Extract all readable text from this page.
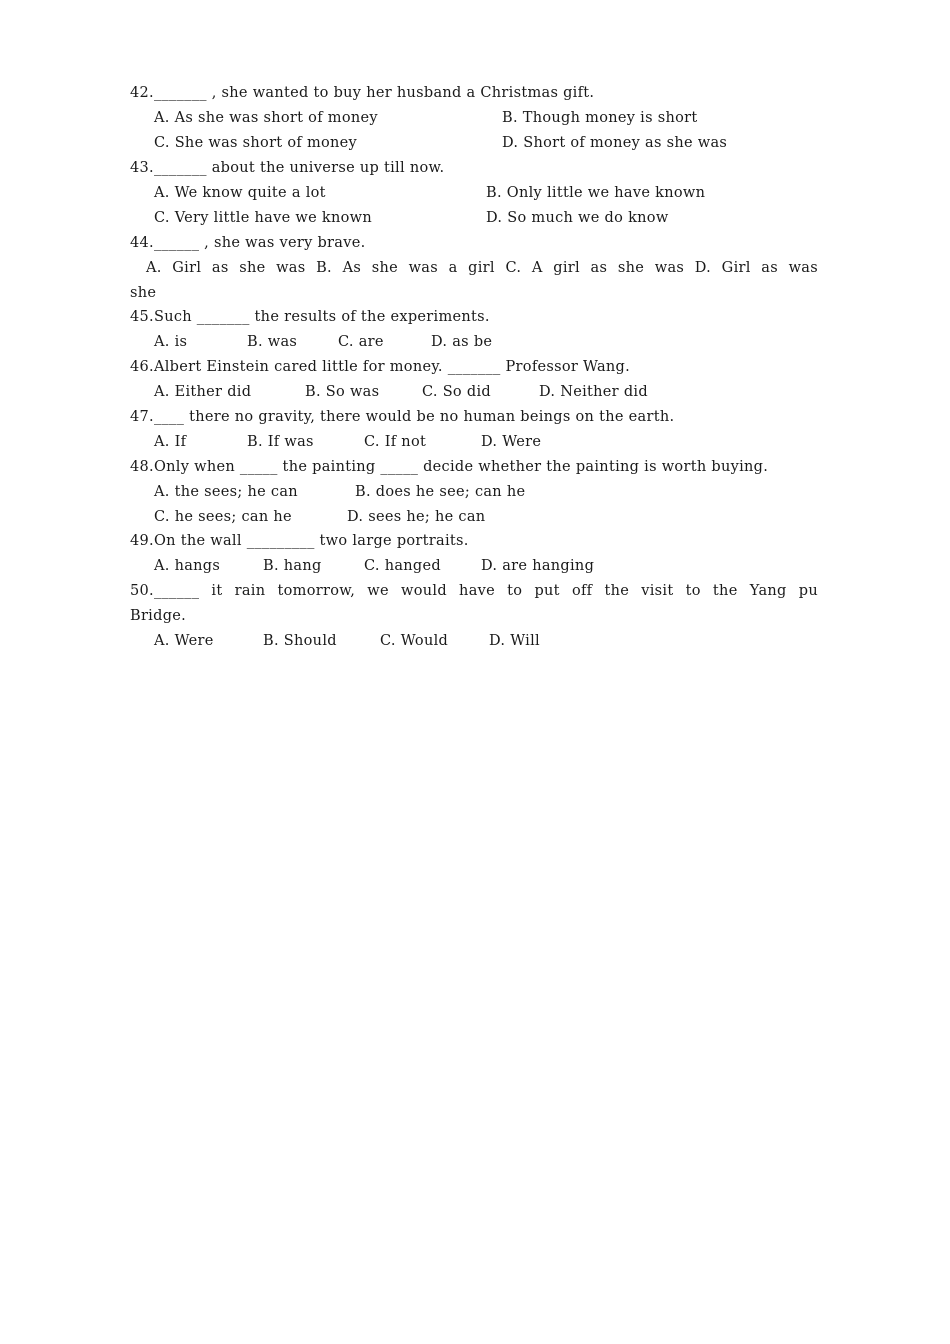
42._______ , she wanted to buy her husband a Christmas gift.
A. As she was short of money	B. Though money is short
C. She was short of money	D. Short of money as she was
43._______ about the universe up till now.
A. We know quite a lot	B. Only little we have known
C. Very little have we known	D. So much we do know
44.______ , she was very brave.
A. Girl as she was B. As she was a girl C. A girl as she was D. Girl as was
she
45.Such _______ the results of the experiments.
A. is	B. was	C. are	D. as be
46.Albert Einstein cared little for money. _______ Professor Wang.
A. Either did	B. So was	C. So did	D. Neither did
47.____ there no gravity, there would be no human beings on the earth.
A. If	B. If was	C. If not	D. Were
48.Only when _____ the painting _____ decide whether the painting is worth buying.
A. the sees; he can	B. does he see; can he
C. he sees; can he	D. sees he; he can
49.On the wall _________ two large portraits.
A. hangs	B. hang	C. hanged	D. are hanging
50.______ it rain tomorrow, we would have to put off the visit to the Yang pu
Bridge.
A. Were	B. Should	C. Would	D. Will
